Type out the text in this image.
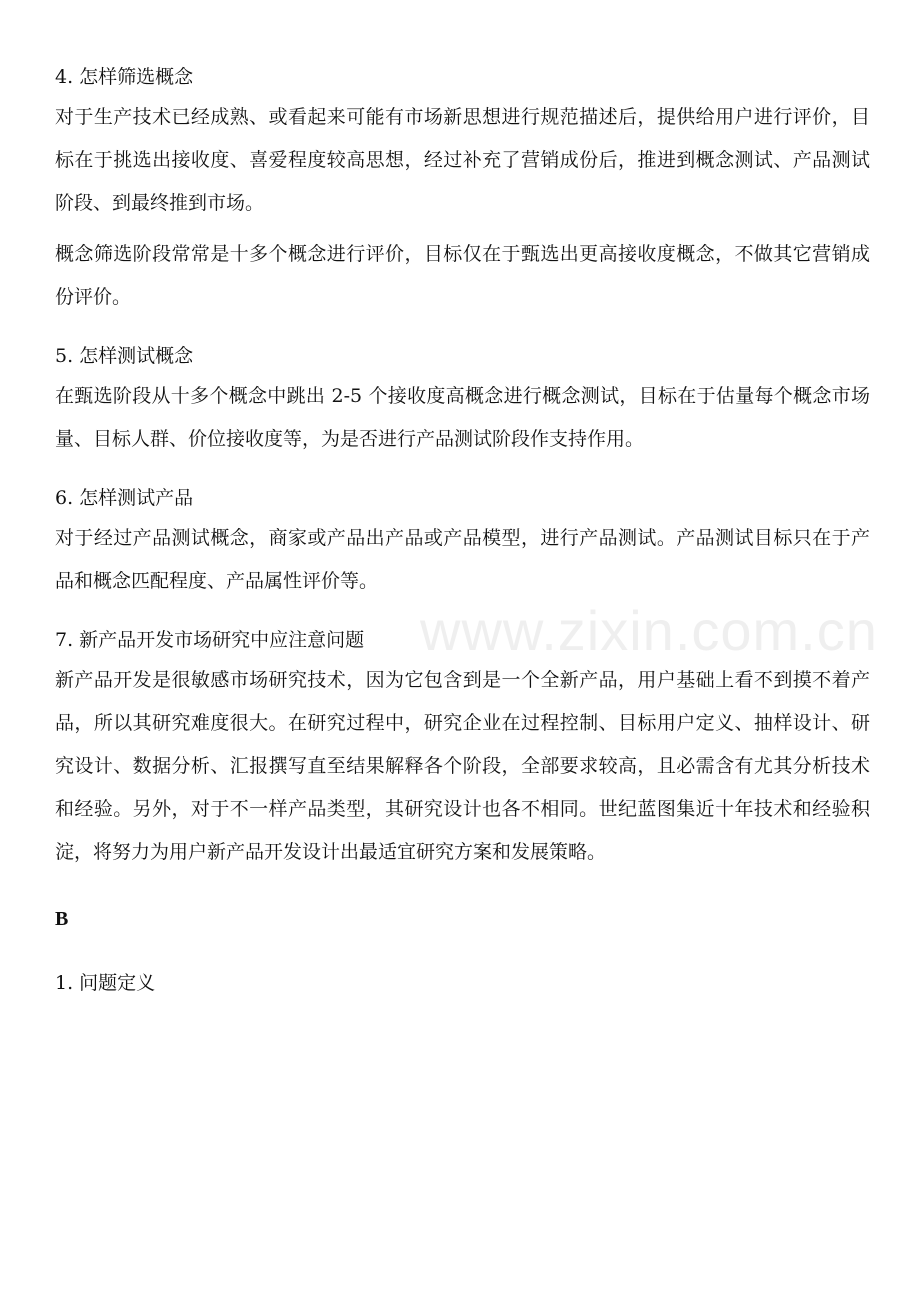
www.zixin.com.cn

4. 怎样筛选概念

对于生产技术已经成熟、或看起来可能有市场新思想进行规范描述后，提供给用户进行评价，目标在于挑选出接收度、喜爱程度较高思想，经过补充了营销成份后，推进到概念测试、产品测试阶段、到最终推到市场。

概念筛选阶段常常是十多个概念进行评价，目标仅在于甄选出更高接收度概念，不做其它营销成份评价。

5. 怎样测试概念

在甄选阶段从十多个概念中跳出 2-5 个接收度高概念进行概念测试，目标在于估量每个概念市场量、目标人群、价位接收度等，为是否进行产品测试阶段作支持作用。

6. 怎样测试产品

对于经过产品测试概念，商家或产品出产品或产品模型，进行产品测试。产品测试目标只在于产品和概念匹配程度、产品属性评价等。

7. 新产品开发市场研究中应注意问题

新产品开发是很敏感市场研究技术，因为它包含到是一个全新产品，用户基础上看不到摸不着产品，所以其研究难度很大。在研究过程中，研究企业在过程控制、目标用户定义、抽样设计、研究设计、数据分析、汇报撰写直至结果解释各个阶段，全部要求较高，且必需含有尤其分析技术和经验。另外，对于不一样产品类型，其研究设计也各不相同。世纪蓝图集近十年技术和经验积淀，将努力为用户新产品开发设计出最适宜研究方案和发展策略。

B

1. 问题定义
